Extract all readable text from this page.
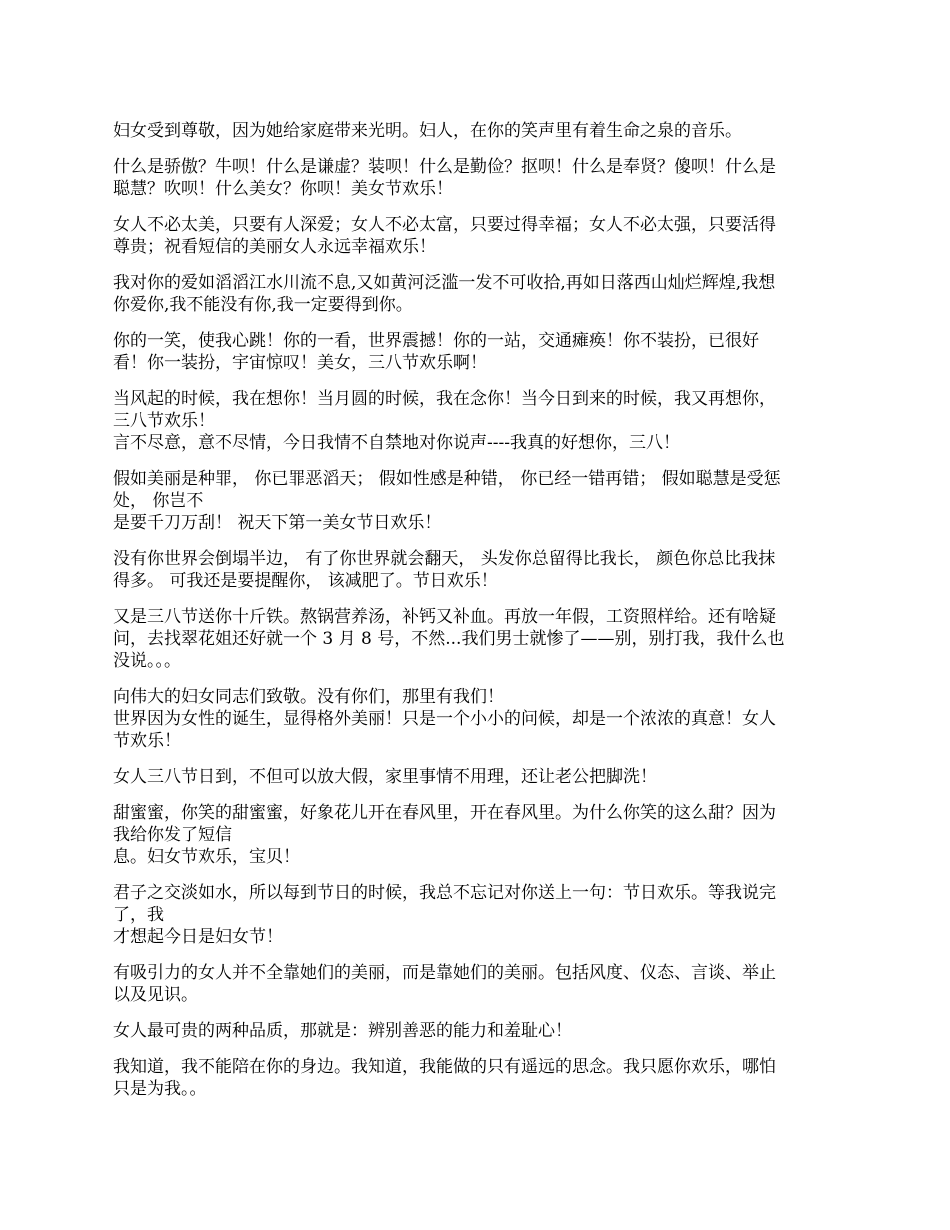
妇女受到尊敬，因为她给家庭带来光明。妇人，在你的笑声里有着生命之泉的音乐。

什么是骄傲？牛呗！什么是谦虚？装呗！什么是勤俭？抠呗！什么是奉贤？傻呗！什么是
聪慧？吹呗！什么美女？你呗！美女节欢乐！

女人不必太美，只要有人深爱；女人不必太富，只要过得幸福；女人不必太强，只要活得
尊贵；祝看短信的美丽女人永远幸福欢乐！

我对你的爱如滔滔江水川流不息,又如黄河泛滥一发不可收拾,再如日落西山灿烂辉煌,我想
你爱你,我不能没有你,我一定要得到你。

你的一笑，使我心跳！你的一看，世界震撼！你的一站，交通瘫痪！你不装扮，已很好
看！你一装扮，宇宙惊叹！美女，三八节欢乐啊！

当风起的时候，我在想你！当月圆的时候，我在念你！当今日到来的时候，我又再想你，
三八节欢乐！
言不尽意，意不尽情，今日我情不自禁地对你说声----我真的好想你，三八！

假如美丽是种罪， 你已罪恶滔天； 假如性感是种错， 你已经一错再错； 假如聪慧是受惩
处， 你岂不
是要千刀万刮！ 祝天下第一美女节日欢乐！

没有你世界会倒塌半边， 有了你世界就会翻天， 头发你总留得比我长， 颜色你总比我抹
得多。 可我还是要提醒你， 该减肥了。节日欢乐！

又是三八节送你十斤铁。熬锅营养汤，补钙又补血。再放一年假，工资照样给。还有啥疑
问，去找翠花姐还好就一个 3 月 8 号，不然...我们男士就惨了——别，别打我，我什么也
没说。。。

向伟大的妇女同志们致敬。没有你们，那里有我们！
世界因为女性的诞生，显得格外美丽！只是一个小小的问候，却是一个浓浓的真意！女人
节欢乐！

女人三八节日到，不但可以放大假，家里事情不用理，还让老公把脚洗！

甜蜜蜜，你笑的甜蜜蜜，好象花儿开在春风里，开在春风里。为什么你笑的这么甜？因为
我给你发了短信
息。妇女节欢乐，宝贝！

君子之交淡如水，所以每到节日的时候，我总不忘记对你送上一句：节日欢乐。等我说完
了，我
才想起今日是妇女节！

有吸引力的女人并不全靠她们的美丽，而是靠她们的美丽。包括风度、仪态、言谈、举止
以及见识。

女人最可贵的两种品质，那就是：辨别善恶的能力和羞耻心！

我知道，我不能陪在你的身边。我知道，我能做的只有遥远的思念。我只愿你欢乐，哪怕
只是为我。。
